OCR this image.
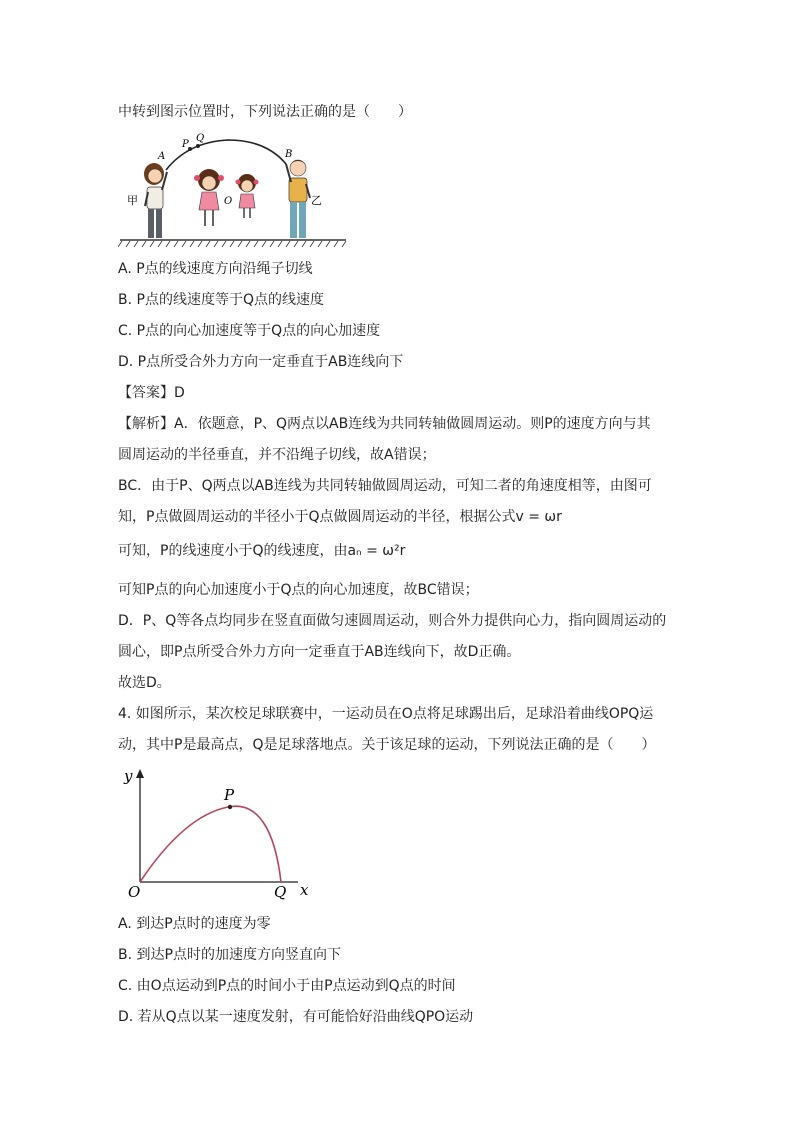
中转到图示位置时，下列说法正确的是（　　）
A
P
Q
B
O
甲	乙
A. P点的线速度方向沿绳子切线
B. P点的线速度等于Q点的线速度
C. P点的向心加速度等于Q点的向心加速度
D. P点所受合外力方向一定垂直于AB连线向下
【答案】D
【解析】A．依题意，P、Q两点以AB连线为共同转轴做圆周运动。则P的速度方向与其
圆周运动的半径垂直，并不沿绳子切线，故A错误；
BC．由于P、Q两点以AB连线为共同转轴做圆周运动，可知二者的角速度相等，由图可
知，P点做圆周运动的半径小于Q点做圆周运动的半径，根据公式v = ωr
可知，P的线速度小于Q的线速度，由aₙ = ω²r
可知P点的向心加速度小于Q点的向心加速度，故BC错误；
D．P、Q等各点均同步在竖直面做匀速圆周运动，则合外力提供向心力，指向圆周运动的
圆心，即P点所受合外力方向一定垂直于AB连线向下，故D正确。
故选D。
4. 如图所示，某次校足球联赛中，一运动员在O点将足球踢出后，足球沿着曲线OPQ运
动，其中P是最高点，Q是足球落地点。关于该足球的运动，下列说法正确的是（　　）
y
x
O
P
Q
A. 到达P点时的速度为零
B. 到达P点时的加速度方向竖直向下
C. 由O点运动到P点的时间小于由P点运动到Q点的时间
D. 若从Q点以某一速度发射，有可能恰好沿曲线QPO运动
